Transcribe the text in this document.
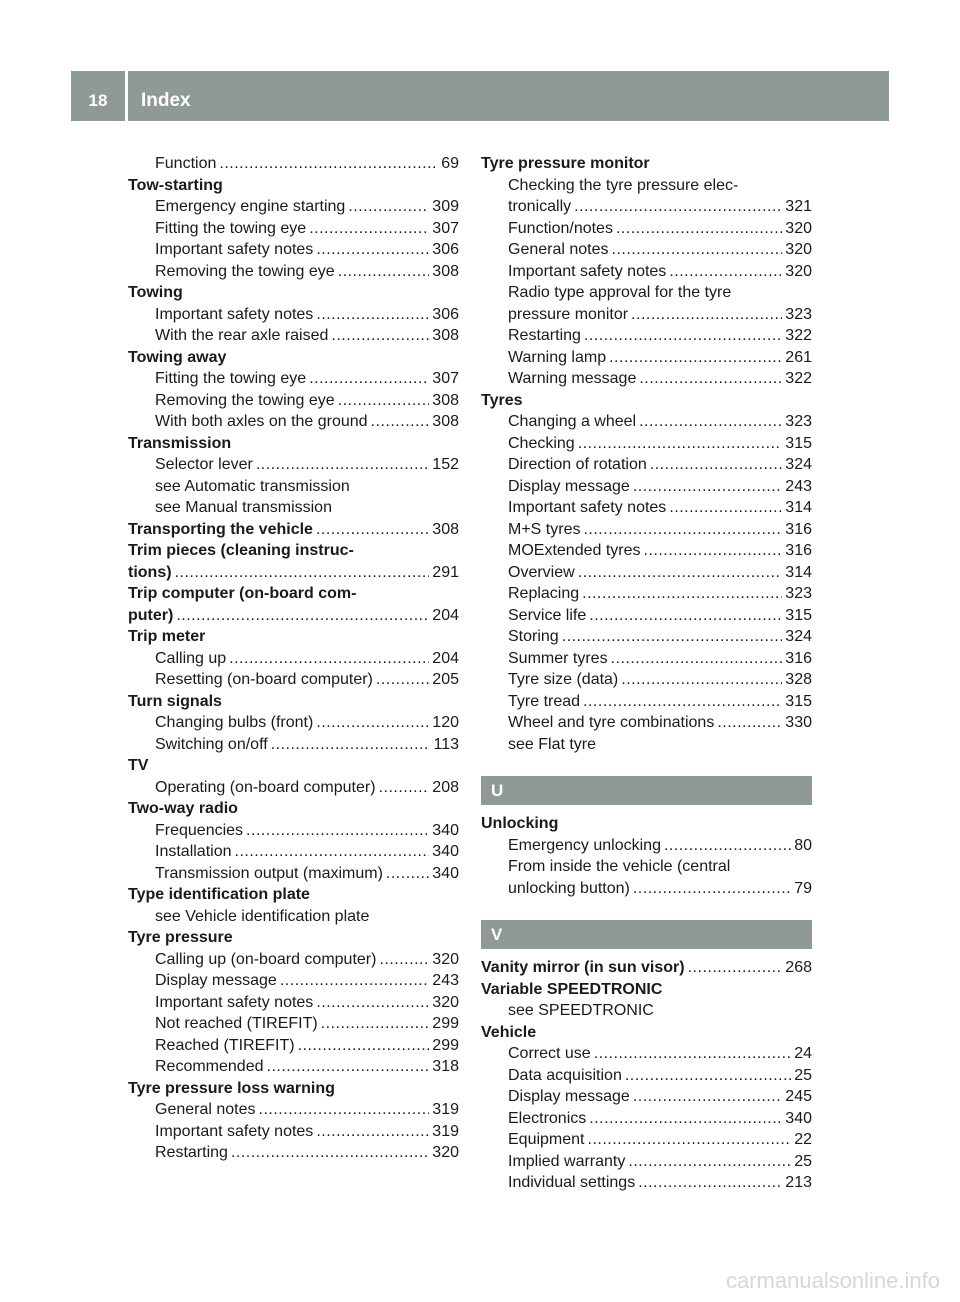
18	Index
Function .....	69
Tow-starting
Emergency engine starting .....	309
Fitting the towing eye .....	307
Important safety notes .....	306
Removing the towing eye .....	308
Towing
Important safety notes .....	306
With the rear axle raised .....	308
Towing away
Fitting the towing eye .....	307
Removing the towing eye .....	308
With both axles on the ground .....	308
Transmission
Selector lever .....	152
see Automatic transmission
see Manual transmission
Transporting the vehicle .....	308
Trim pieces (cleaning instruc-
tions) .....	291
Trip computer (on-board com-
puter) .....	204
Trip meter
Calling up .....	204
Resetting (on-board computer) .....	205
Turn signals
Changing bulbs (front) .....	120
Switching on/off .....	113
TV
Operating (on-board computer) .....	208
Two-way radio
Frequencies .....	340
Installation .....	340
Transmission output (maximum) .....	340
Type identification plate
see Vehicle identification plate
Tyre pressure
Calling up (on-board computer) .....	320
Display message .....	243
Important safety notes .....	320
Not reached (TIREFIT) .....	299
Reached (TIREFIT) .....	299
Recommended .....	318
Tyre pressure loss warning
General notes .....	319
Important safety notes .....	319
Restarting .....	320
Tyre pressure monitor
Checking the tyre pressure elec-
tronically .....	321
Function/notes .....	320
General notes .....	320
Important safety notes .....	320
Radio type approval for the tyre
pressure monitor .....	323
Restarting .....	322
Warning lamp .....	261
Warning message .....	322
Tyres
Changing a wheel .....	323
Checking .....	315
Direction of rotation .....	324
Display message .....	243
Important safety notes .....	314
M+S tyres .....	316
MOExtended tyres .....	316
Overview .....	314
Replacing .....	323
Service life .....	315
Storing .....	324
Summer tyres .....	316
Tyre size (data) .....	328
Tyre tread .....	315
Wheel and tyre combinations .....	330
see Flat tyre
U
Unlocking
Emergency unlocking .....	80
From inside the vehicle (central
unlocking button) .....	79
V
Vanity mirror (in sun visor) .....	268
Variable SPEEDTRONIC
see SPEEDTRONIC
Vehicle
Correct use .....	24
Data acquisition .....	25
Display message .....	245
Electronics .....	340
Equipment .....	22
Implied warranty .....	25
Individual settings .....	213
carmanualsonline.info
